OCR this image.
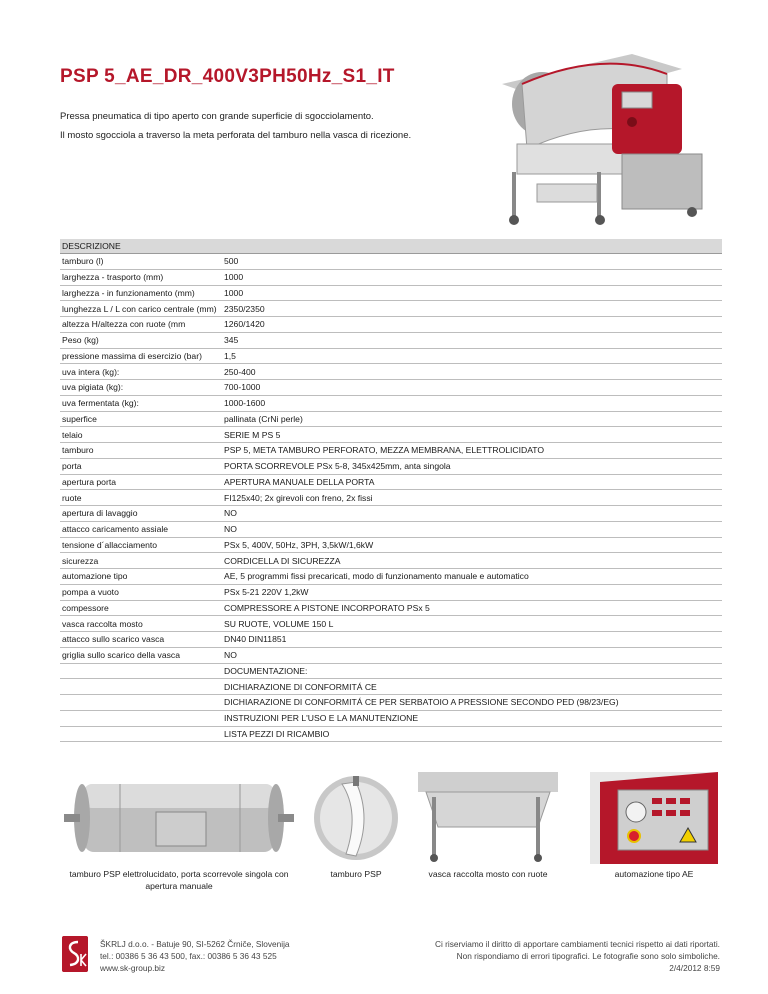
PSP 5_AE_DR_400V3PH50Hz_S1_IT
Pressa pneumatica di tipo aperto con grande superficie di sgocciolamento.
Il mosto sgocciola a traverso la meta perforata del tamburo nella vasca di ricezione.
DESCRIZIONE	
tamburo (l)	500
larghezza - trasporto (mm)	1000
larghezza - in funzionamento (mm)	1000
lunghezza L / L con carico centrale (mm)	2350/2350
altezza H/altezza con ruote (mm	1260/1420
Peso (kg)	345
pressione massima di esercizio (bar)	1,5
uva intera (kg):	250-400
uva pigiata (kg):	700-1000
uva fermentata (kg):	1000-1600
superfice	pallinata (CrNi perle)
telaio	SERIE M PS 5
tamburo	PSP 5, META TAMBURO PERFORATO, MEZZA MEMBRANA, ELETTROLICIDATO
porta	PORTA SCORREVOLE PSx 5-8, 345x425mm, anta singola
apertura porta	APERTURA MANUALE DELLA PORTA
ruote	FI125x40; 2x girevoli con freno, 2x fissi
apertura di lavaggio	NO
attacco caricamento assiale	NO
tensione d´allacciamento	PSx 5, 400V, 50Hz, 3PH, 3,5kW/1,6kW
sicurezza	CORDICELLA DI SICUREZZA
automazione tipo	AE, 5 programmi fissi precaricati, modo di funzionamento manuale e automatico
pompa a vuoto	PSx 5-21 220V 1,2kW
compessore	COMPRESSORE A PISTONE INCORPORATO PSx 5
vasca raccolta mosto	SU RUOTE, VOLUME 150 L
attacco sullo scarico vasca	DN40 DIN11851
griglia sullo scarico della vasca	NO
	DOCUMENTAZIONE:
	DICHIARAZIONE DI CONFORMITÁ CE
	DICHIARAZIONE DI CONFORMITÁ CE PER SERBATOIO A PRESSIONE SECONDO PED (98/23/EG)
	INSTRUZIONI PER L'USO E LA MANUTENZIONE
	LISTA PEZZI DI RICAMBIO
tamburo PSP elettrolucidato, porta scorrevole singola con apertura manuale
tamburo PSP	vasca raccolta mosto con ruote	automazione tipo AE
ŠKRLJ d.o.o. - Batuje 90, SI-5262 Črniče, Slovenija
tel.: 00386 5 36 43 500, fax.: 00386 5 36 43 525
www.sk-group.biz
Ci riserviamo il diritto di apportare cambiamenti tecnici rispetto ai dati riportati.
Non rispondiamo di errori tipografici. Le fotografie sono solo simboliche.
2/4/2012 8:59
